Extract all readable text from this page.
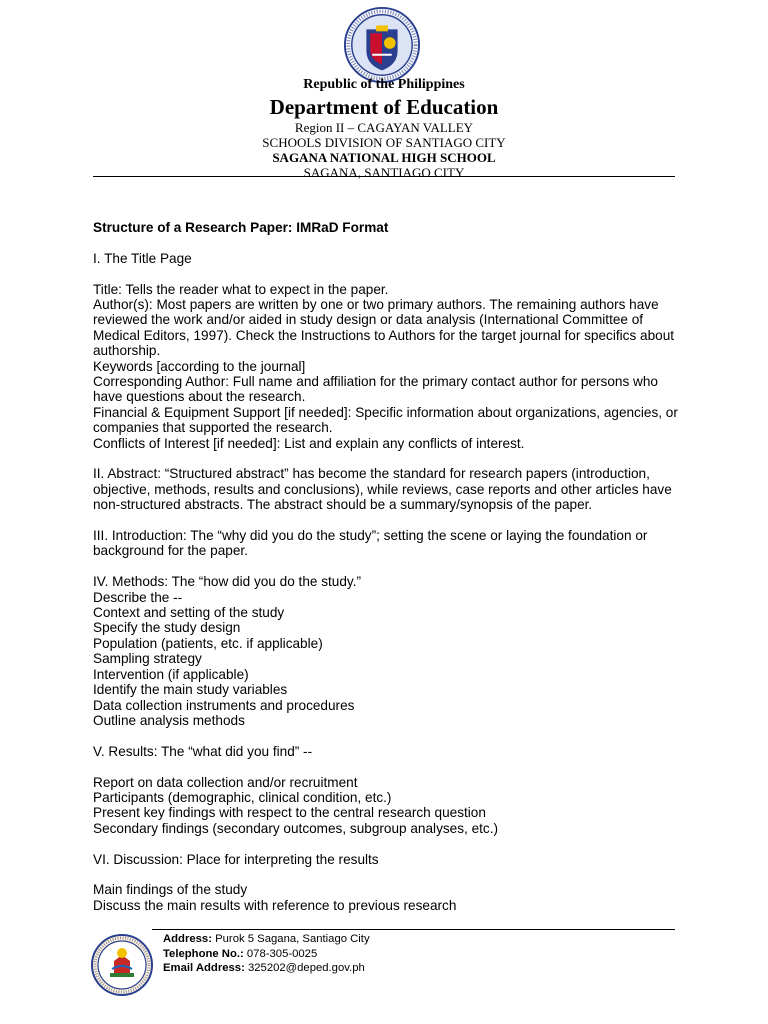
Republic of the Philippines
Department of Education
Region II – CAGAYAN VALLEY
SCHOOLS DIVISION OF SANTIAGO CITY
SAGANA NATIONAL HIGH SCHOOL
SAGANA, SANTIAGO CITY

Structure of a Research Paper: IMRaD Format

I. The Title Page

Title: Tells the reader what to expect in the paper.

Author(s): Most papers are written by one or two primary authors. The remaining authors have reviewed the work and/or aided in study design or data analysis (International Committee of Medical Editors, 1997). Check the Instructions to Authors for the target journal for specifics about authorship.

Keywords [according to the journal]

Corresponding Author: Full name and affiliation for the primary contact author for persons who have questions about the research.

Financial & Equipment Support [if needed]: Specific information about organizations, agencies, or companies that supported the research.

Conflicts of Interest [if needed]: List and explain any conflicts of interest.

II. Abstract: “Structured abstract” has become the standard for research papers (introduction, objective, methods, results and conclusions), while reviews, case reports and other articles have non-structured abstracts. The abstract should be a summary/synopsis of the paper.

III. Introduction: The “why did you do the study”; setting the scene or laying the foundation or background for the paper.

IV. Methods: The “how did you do the study.”

Describe the --

Context and setting of the study

Specify the study design

Population (patients, etc. if applicable)

Sampling strategy

Intervention (if applicable)

Identify the main study variables

Data collection instruments and procedures

Outline analysis methods

V. Results: The “what did you find” --

Report on data collection and/or recruitment

Participants (demographic, clinical condition, etc.)

Present key findings with respect to the central research question

Secondary findings (secondary outcomes, subgroup analyses, etc.)

VI. Discussion: Place for interpreting the results

Main findings of the study

Discuss the main results with reference to previous research

Address: Purok 5 Sagana, Santiago City
Telephone No.: 078-305-0025
Email Address: 325202@deped.gov.ph
